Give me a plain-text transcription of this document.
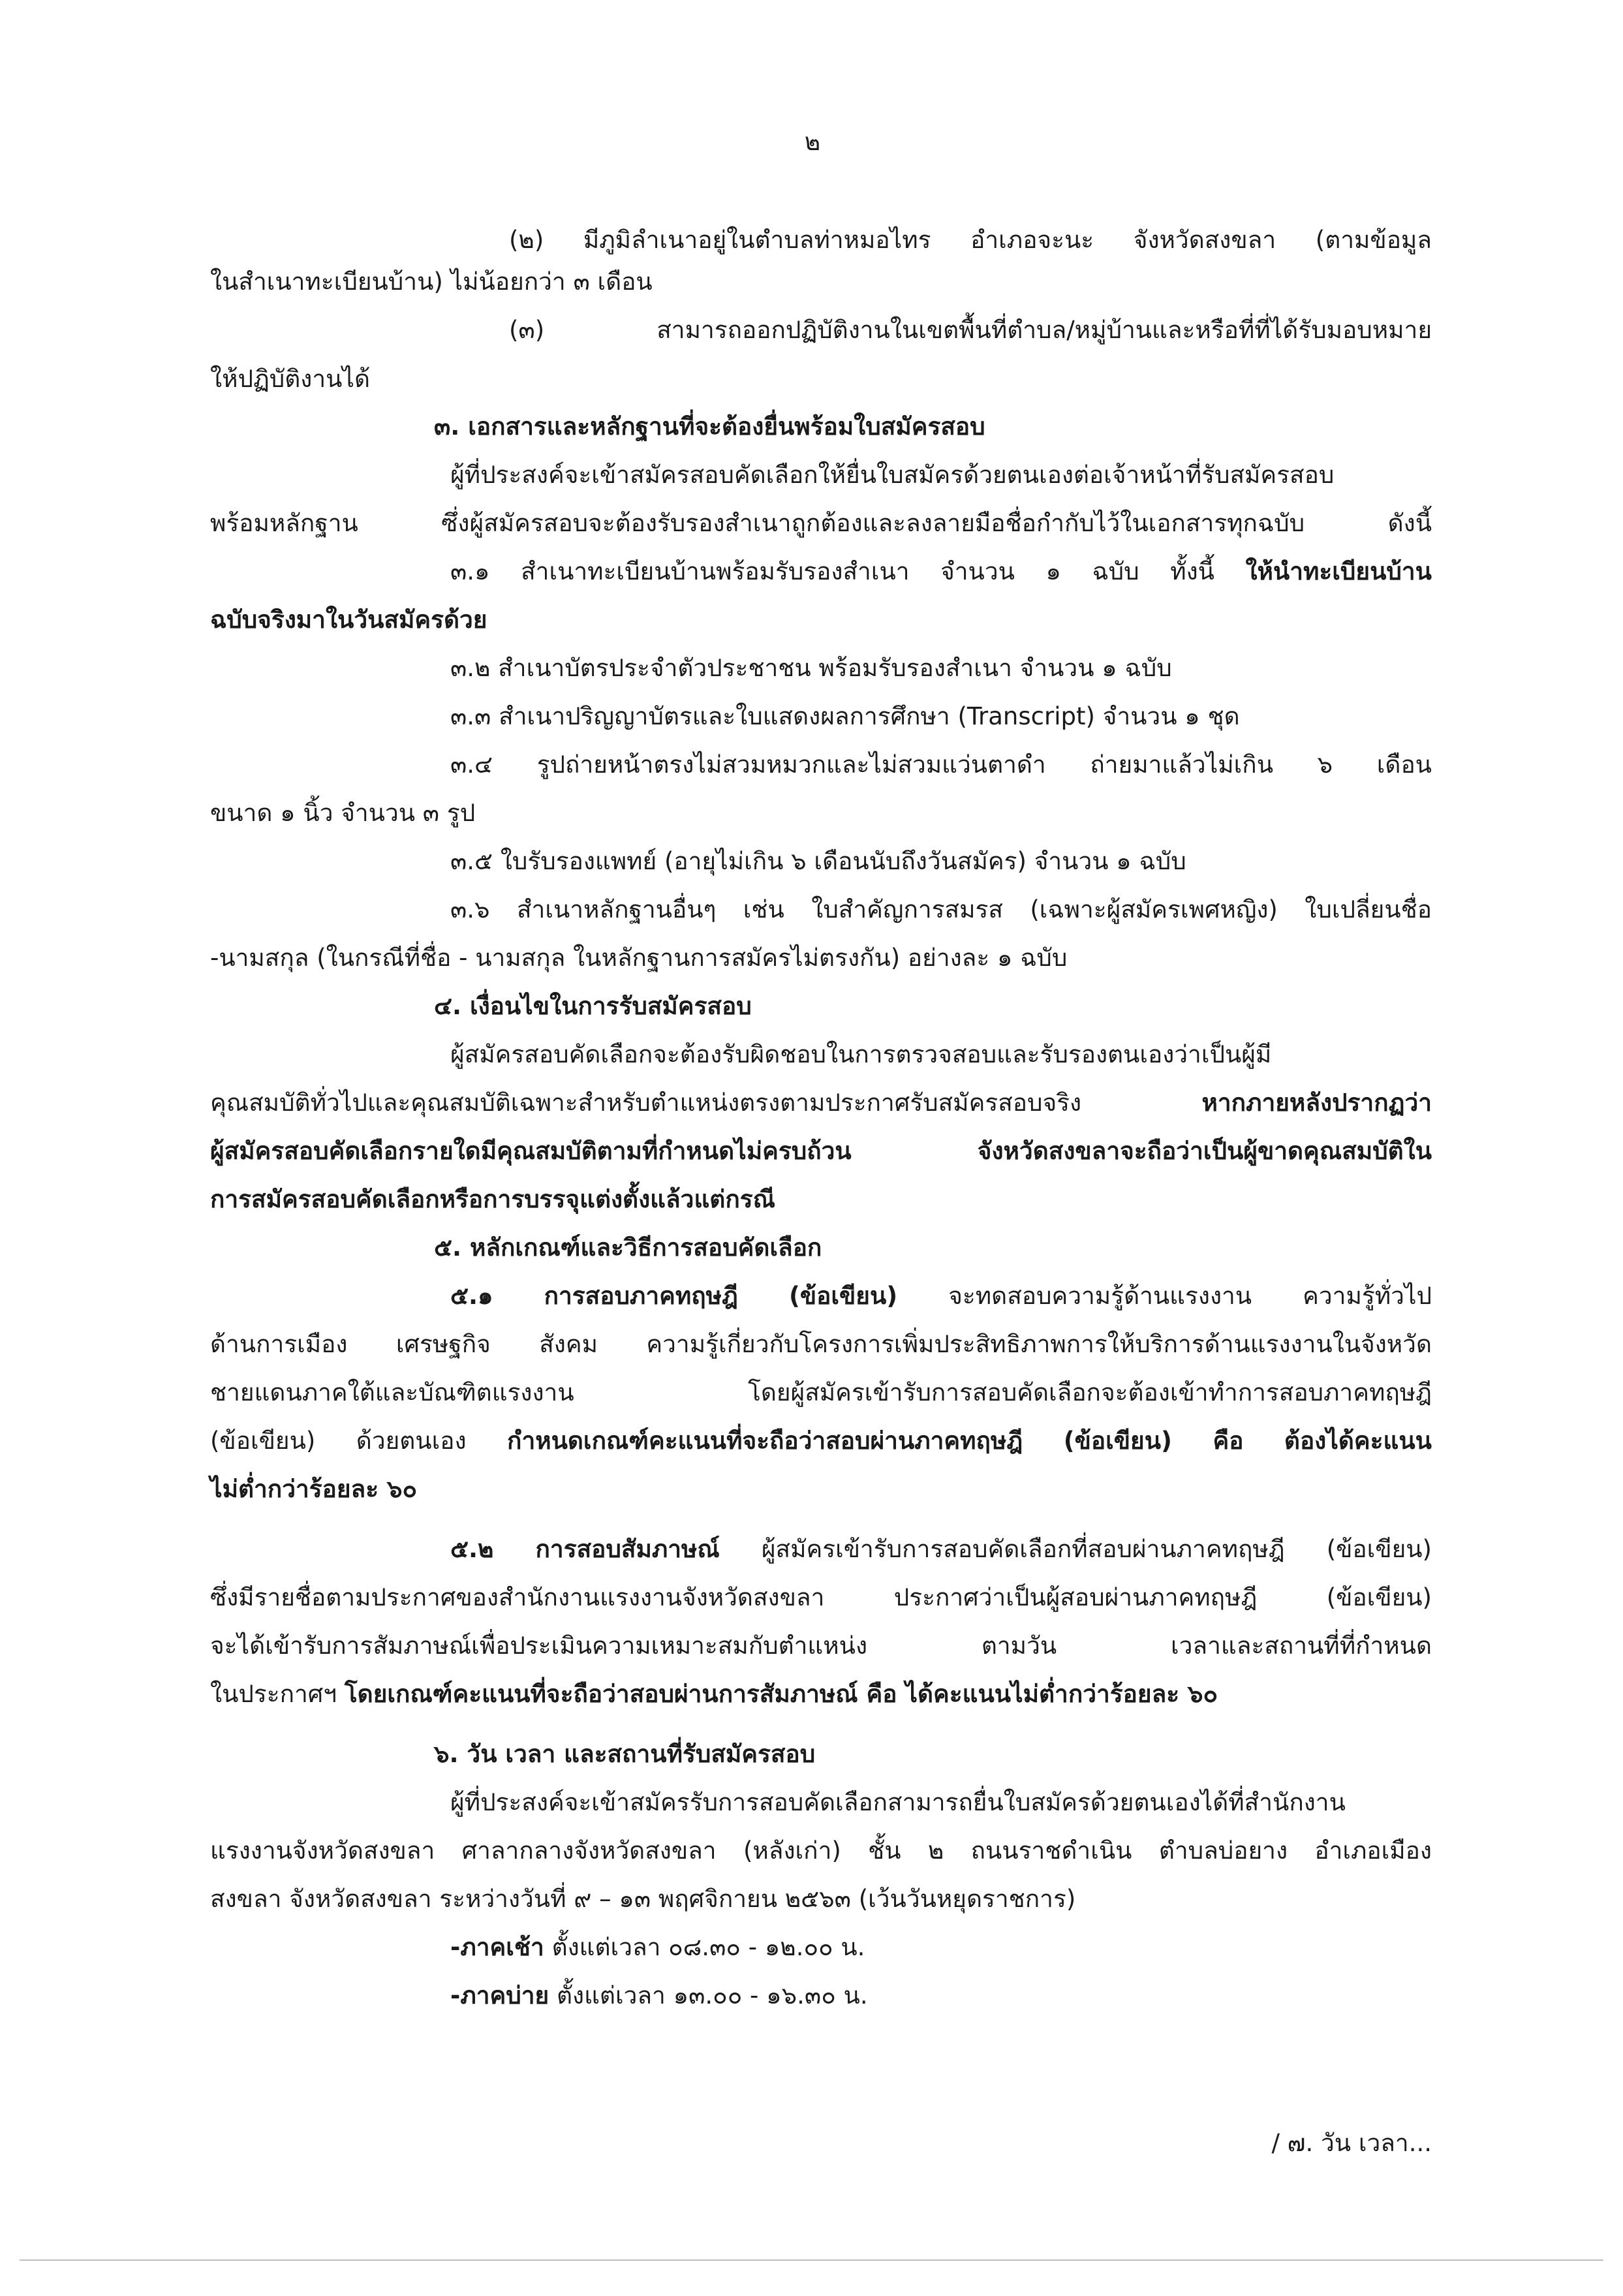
๒
(๒) มีภูมิลำเนาอยู่ในตำบลท่าหมอไทร อำเภอจะนะ จังหวัดสงขลา (ตามข้อมูล
ในสำเนาทะเบียนบ้าน) ไม่น้อยกว่า ๓ เดือน
(๓)	สามารถออกปฏิบัติงานในเขตพื้นที่ตำบล/หมู่บ้านและหรือที่ที่ได้รับมอบหมาย
ให้ปฏิบัติงานได้
๓. เอกสารและหลักฐานที่จะต้องยื่นพร้อมใบสมัครสอบ
ผู้ที่ประสงค์จะเข้าสมัครสอบคัดเลือกให้ยื่นใบสมัครด้วยตนเองต่อเจ้าหน้าที่รับสมัครสอบ
พร้อมหลักฐาน	ซึ่งผู้สมัครสอบจะต้องรับรองสำเนาถูกต้องและลงลายมือชื่อกำกับไว้ในเอกสารทุกฉบับ	ดังนี้
๓.๑ สำเนาทะเบียนบ้านพร้อมรับรองสำเนา จำนวน ๑ ฉบับ ทั้งนี้ ให้นำทะเบียนบ้าน
ฉบับจริงมาในวันสมัครด้วย
๓.๒ สำเนาบัตรประจำตัวประชาชน พร้อมรับรองสำเนา จำนวน ๑ ฉบับ
๓.๓ สำเนาปริญญาบัตรและใบแสดงผลการศึกษา (Transcript) จำนวน ๑ ชุด
๓.๔ รูปถ่ายหน้าตรงไม่สวมหมวกและไม่สวมแว่นตาดำ ถ่ายมาแล้วไม่เกิน ๖ เดือน
ขนาด ๑ นิ้ว จำนวน ๓ รูป
๓.๕ ใบรับรองแพทย์ (อายุไม่เกิน ๖ เดือนนับถึงวันสมัคร) จำนวน ๑ ฉบับ
๓.๖ สำเนาหลักฐานอื่นๆ เช่น ใบสำคัญการสมรส (เฉพาะผู้สมัครเพศหญิง) ใบเปลี่ยนชื่อ
-นามสกุล (ในกรณีที่ชื่อ - นามสกุล ในหลักฐานการสมัครไม่ตรงกัน) อย่างละ ๑ ฉบับ
๔. เงื่อนไขในการรับสมัครสอบ
ผู้สมัครสอบคัดเลือกจะต้องรับผิดชอบในการตรวจสอบและรับรองตนเองว่าเป็นผู้มี
คุณสมบัติทั่วไปและคุณสมบัติเฉพาะสำหรับตำแหน่งตรงตามประกาศรับสมัครสอบจริง	หากภายหลังปรากฏว่า
ผู้สมัครสอบคัดเลือกรายใดมีคุณสมบัติตามที่กำหนดไม่ครบถ้วน	จังหวัดสงขลาจะถือว่าเป็นผู้ขาดคุณสมบัติใน
การสมัครสอบคัดเลือกหรือการบรรจุแต่งตั้งแล้วแต่กรณี
๕. หลักเกณฑ์และวิธีการสอบคัดเลือก
๕.๑ การสอบภาคทฤษฎี (ข้อเขียน) จะทดสอบความรู้ด้านแรงงาน ความรู้ทั่วไป
ด้านการเมือง เศรษฐกิจ สังคม ความรู้เกี่ยวกับโครงการเพิ่มประสิทธิภาพการให้บริการด้านแรงงานในจังหวัด
ชายแดนภาคใต้และบัณฑิตแรงงาน	โดยผู้สมัครเข้ารับการสอบคัดเลือกจะต้องเข้าทำการสอบภาคทฤษฎี
(ข้อเขียน) ด้วยตนเอง กำหนดเกณฑ์คะแนนที่จะถือว่าสอบผ่านภาคทฤษฎี (ข้อเขียน) คือ ต้องได้คะแนน
ไม่ต่ำกว่าร้อยละ ๖๐
๕.๒ การสอบสัมภาษณ์ ผู้สมัครเข้ารับการสอบคัดเลือกที่สอบผ่านภาคทฤษฎี (ข้อเขียน)
ซึ่งมีรายชื่อตามประกาศของสำนักงานแรงงานจังหวัดสงขลา	ประกาศว่าเป็นผู้สอบผ่านภาคทฤษฎี	(ข้อเขียน)
จะได้เข้ารับการสัมภาษณ์เพื่อประเมินความเหมาะสมกับตำแหน่ง	ตามวัน	เวลาและสถานที่ที่กำหนด
ในประกาศฯ โดยเกณฑ์คะแนนที่จะถือว่าสอบผ่านการสัมภาษณ์ คือ ได้คะแนนไม่ต่ำกว่าร้อยละ ๖๐
๖. วัน เวลา และสถานที่รับสมัครสอบ
ผู้ที่ประสงค์จะเข้าสมัครรับการสอบคัดเลือกสามารถยื่นใบสมัครด้วยตนเองได้ที่สำนักงาน
แรงงานจังหวัดสงขลา ศาลากลางจังหวัดสงขลา (หลังเก่า) ชั้น ๒ ถนนราชดำเนิน ตำบลบ่อยาง อำเภอเมือง
สงขลา จังหวัดสงขลา ระหว่างวันที่ ๙ – ๑๓ พฤศจิกายน ๒๕๖๓ (เว้นวันหยุดราชการ)
-ภาคเช้า ตั้งแต่เวลา ๐๘.๓๐ - ๑๒.๐๐ น.
-ภาคบ่าย ตั้งแต่เวลา ๑๓.๐๐ - ๑๖.๓๐ น.
/ ๗. วัน เวลา...
